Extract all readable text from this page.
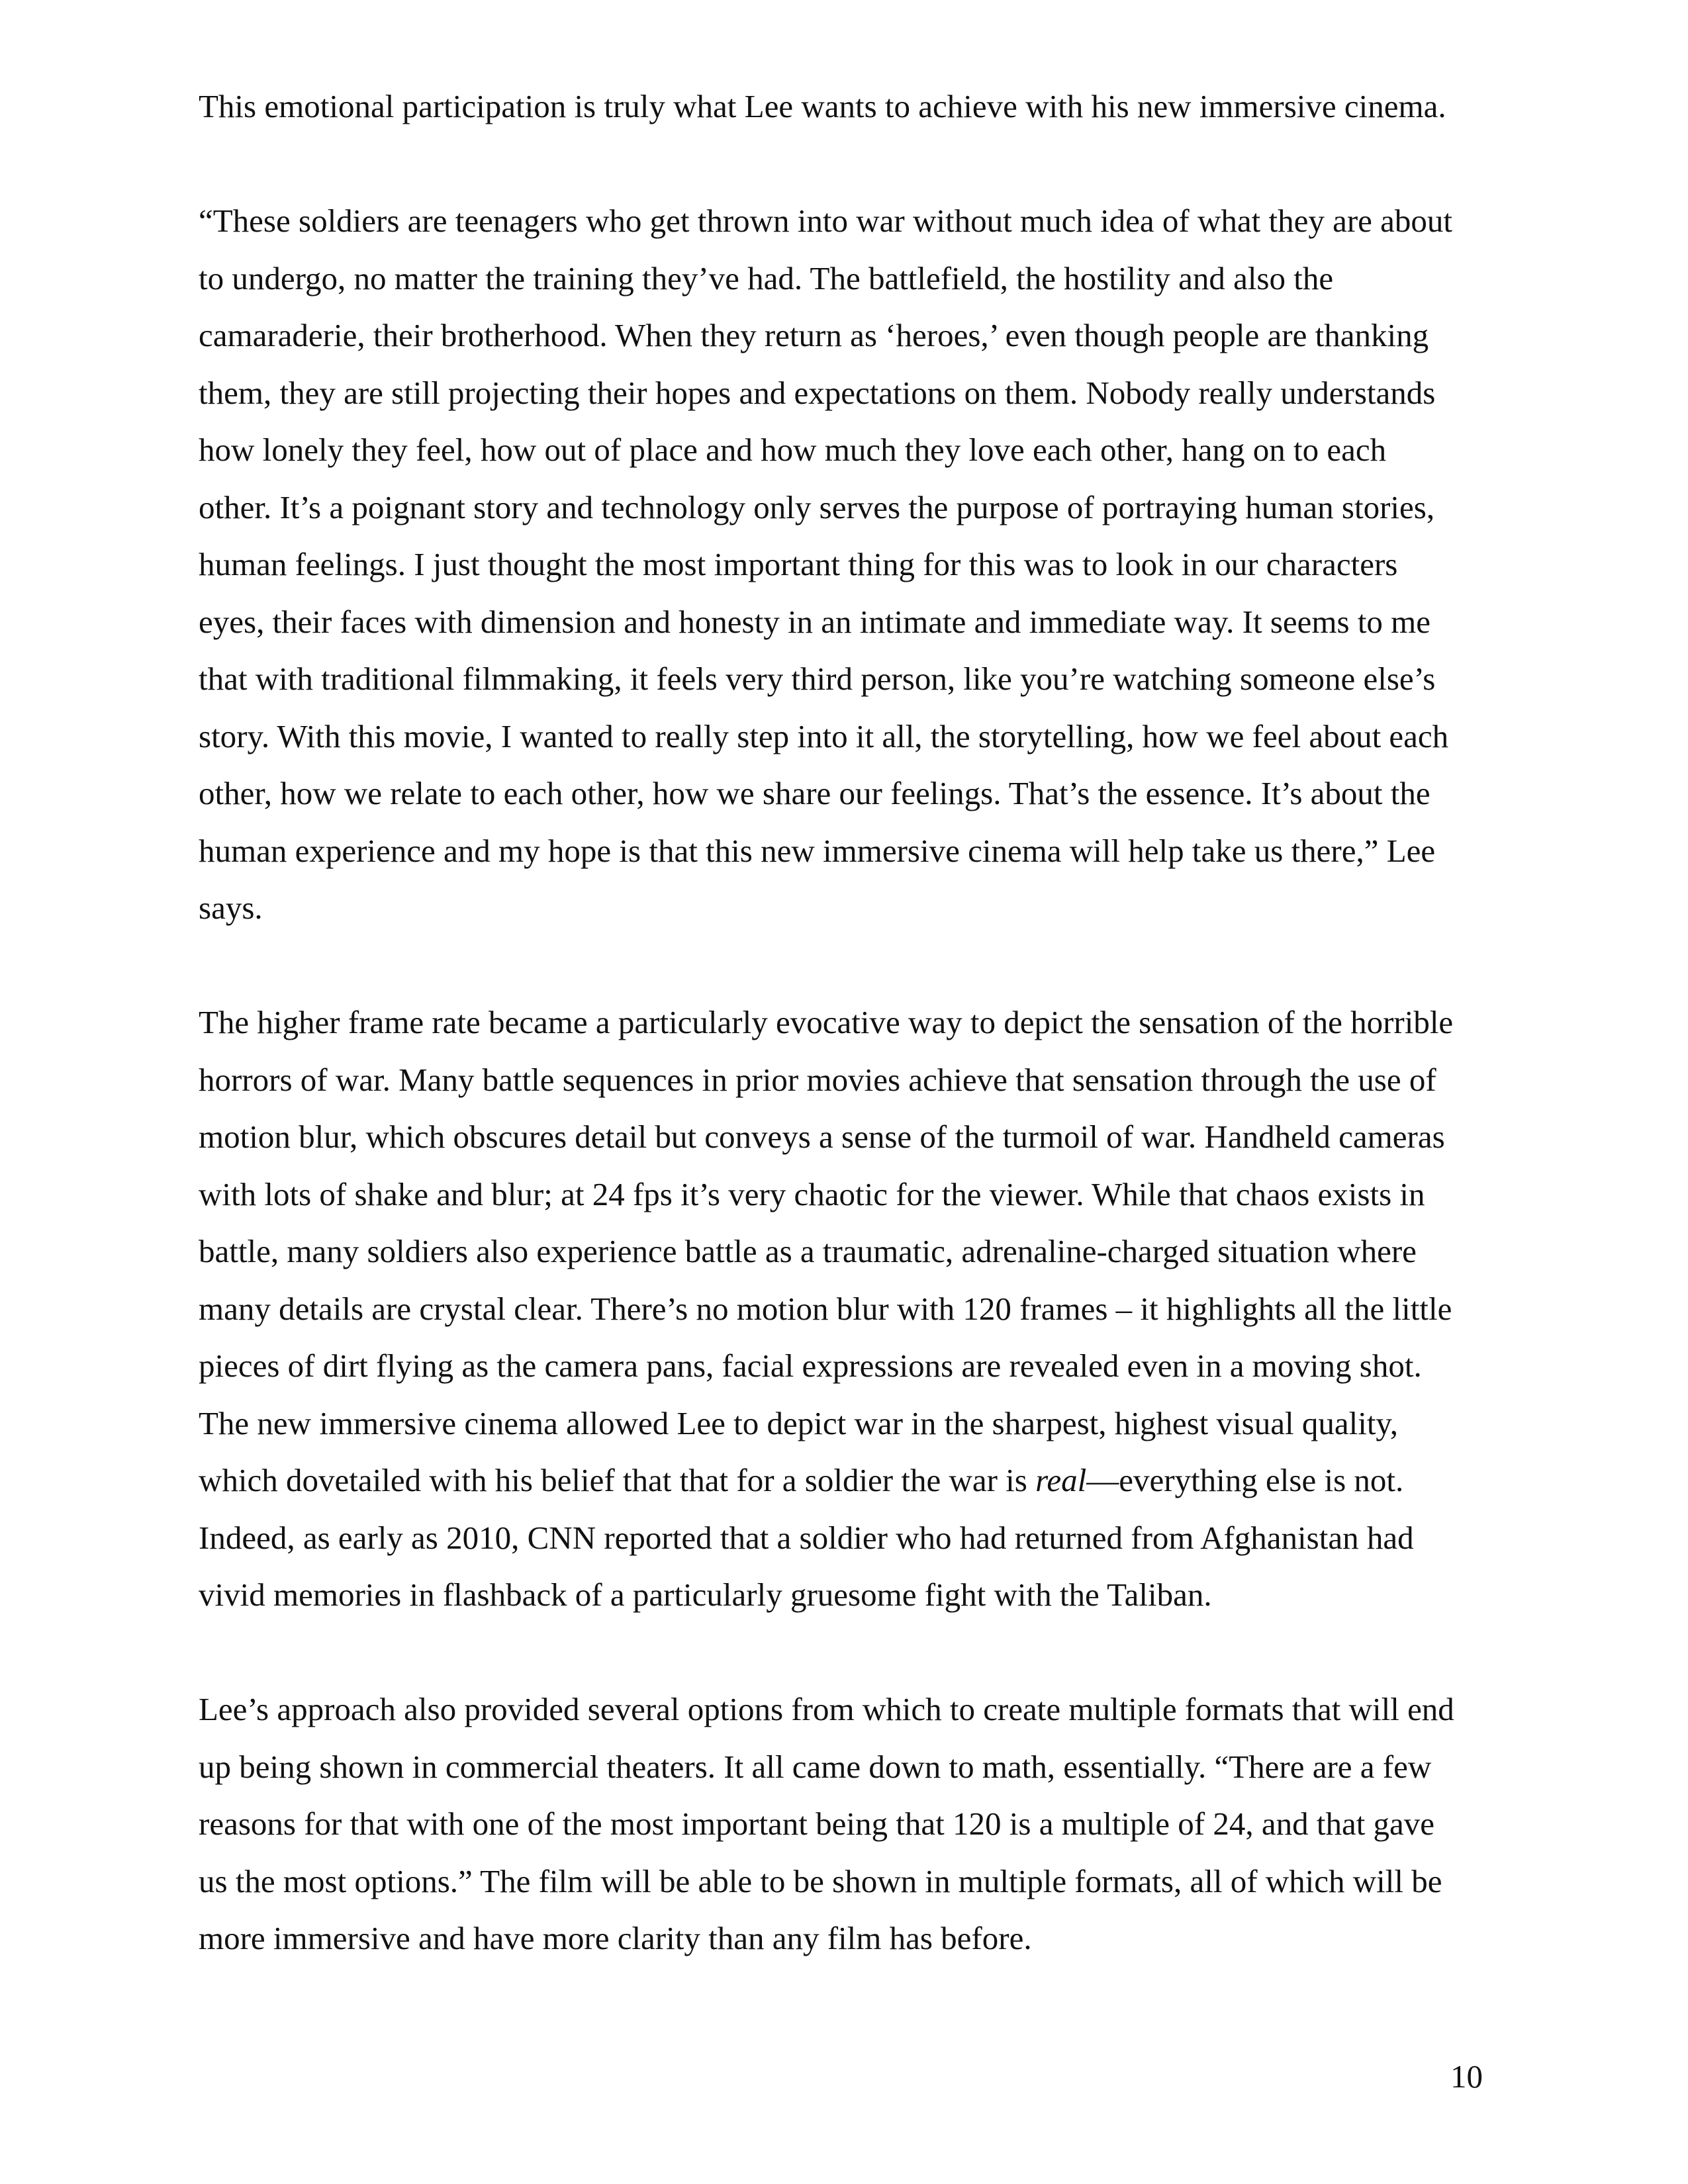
This emotional participation is truly what Lee wants to achieve with his new immersive cinema.

“These soldiers are teenagers who get thrown into war without much idea of what they are about
to undergo, no matter the training they’ve had. The battlefield, the hostility and also the
camaraderie, their brotherhood. When they return as ‘heroes,’ even though people are thanking
them, they are still projecting their hopes and expectations on them. Nobody really understands
how lonely they feel, how out of place and how much they love each other, hang on to each
other. It’s a poignant story and technology only serves the purpose of portraying human stories,
human feelings. I just thought the most important thing for this was to look in our characters
eyes, their faces with dimension and honesty in an intimate and immediate way. It seems to me
that with traditional filmmaking, it feels very third person, like you’re watching someone else’s
story. With this movie, I wanted to really step into it all, the storytelling, how we feel about each
other, how we relate to each other, how we share our feelings. That’s the essence. It’s about the
human experience and my hope is that this new immersive cinema will help take us there,” Lee
says.

The higher frame rate became a particularly evocative way to depict the sensation of the horrible
horrors of war. Many battle sequences in prior movies achieve that sensation through the use of
motion blur, which obscures detail but conveys a sense of the turmoil of war. Handheld cameras
with lots of shake and blur; at 24 fps it’s very chaotic for the viewer. While that chaos exists in
battle, many soldiers also experience battle as a traumatic, adrenaline-charged situation where
many details are crystal clear. There’s no motion blur with 120 frames – it highlights all the little
pieces of dirt flying as the camera pans, facial expressions are revealed even in a moving shot.
The new immersive cinema allowed Lee to depict war in the sharpest, highest visual quality,
which dovetailed with his belief that that for a soldier the war is real—everything else is not.
Indeed, as early as 2010, CNN reported that a soldier who had returned from Afghanistan had
vivid memories in flashback of a particularly gruesome fight with the Taliban.

Lee’s approach also provided several options from which to create multiple formats that will end
up being shown in commercial theaters. It all came down to math, essentially. “There are a few
reasons for that with one of the most important being that 120 is a multiple of 24, and that gave
us the most options.” The film will be able to be shown in multiple formats, all of which will be
more immersive and have more clarity than any film has before.

10
